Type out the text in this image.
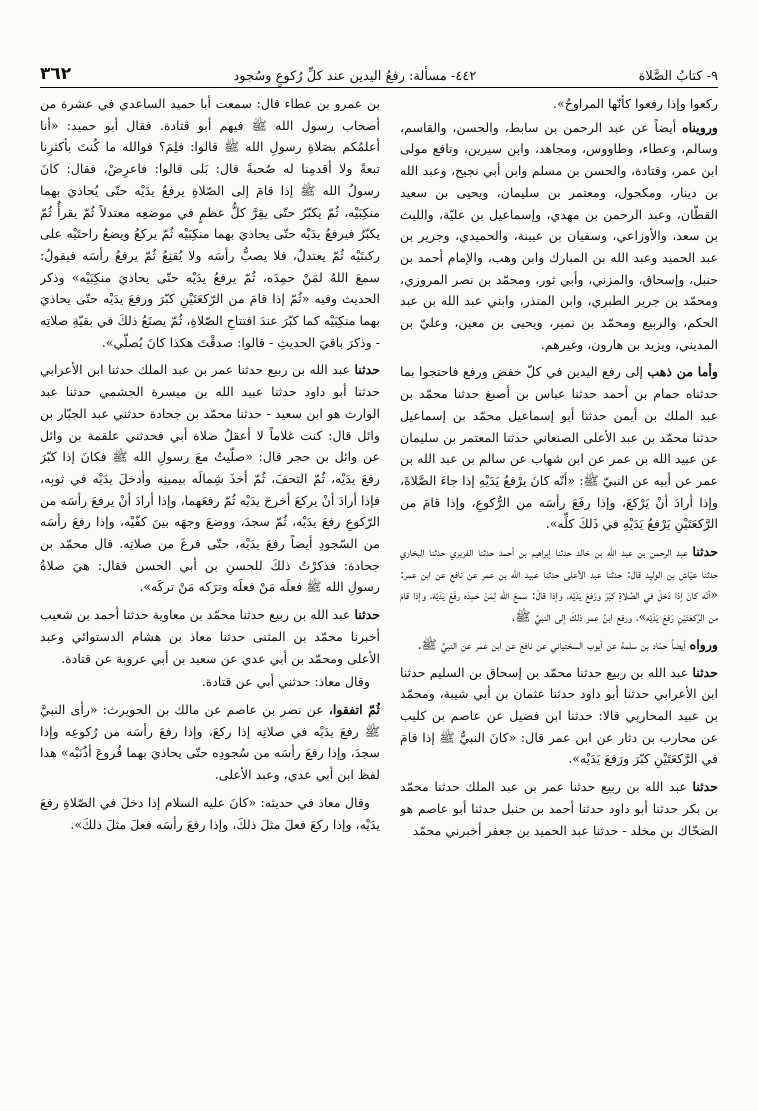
٩- كتابُ الصَّلاة
٤٤٢- مسألة: رفعُ اليدين عند كلِّ رُكوعٍ وسُجود
٣٦٢

ركعوا وإذا رفعوا كأنّها المراوحُ».

ورويناه أيضاً عن عبد الرحمن بن سابط، والحسن، والقاسم، وسالم، وعطاء، وطاووس، ومجاهد، وابن سيرين، ونافع مولى ابن عمر، وقتادة، والحسن بن مسلم وابن أبي نجيح، وعبد الله بن دينار، ومكحول، ومعتمر بن سليمان، ويحيى بن سعيد القطّان، وعبد الرحمن بن مهدي، وإسماعيل بن عليّة، والليث بن سعد، والأوزاعي، وسفيان بن عيينة، والحميدي، وجرير بن عبد الحميد وعبد الله بن المبارك وابن وهب، والإمام أحمد بن حنبل، وإسحاق، والمزني، وأبي ثور، ومحمّد بن نصر المروزي، ومحمّد بن جرير الطبري، وابن المنذر، وابني عبد الله بن عبد الحكم، والربيع ومحمّد بن نمير، ويحيى بن معين، وعليّ بن المديني، ويزيد بن هارون، وغيرهم.

وأما من ذهب إلى رفع اليدين في كلّ خفض ورفع فاحتجوا بما حدثناه حمام بن أحمد حدثنا عباس بن أصبغ حدثنا محمّد بن عبد الملك بن أيمن حدثنا أبو إسماعيل محمّد بن إسماعيل حدثنا محمّد بن عبد الأعلى الصنعاني حدثنا المعتمر بن سليمان عن عبيد الله بن عمر عن ابن شهاب عن سالم بن عبد الله بن عمر عن أبيه عن النبيّ ﷺ: «أنّه كانَ يرْفعُ يَدَيْهِ إذا جاءَ الصَّلاةَ، وإذا أرادَ أنْ يَرْكعَ، وإذا رفَعَ رأسَه من الرُّكوعِ، وإذا قامَ من الرَّكعَتَيْنِ يَرْفعُ يَدَيْهِ في ذَلكَ كلِّه».

حدثنا عبد الرحمن بن عبد الله بن خالد حدثنا إبراهيم بن أحمد حدثنا الفربري حدثنا البخاري حدثنا عيّاش بن الوليد قال: حدثنا عبد الأعلى حدثنا عبيد الله بن عمر عن نافع عن ابن عمر: «أنّه كانَ إذا دَخلَ في الصَّلاةِ كبّرَ ورَفعَ يَدَيْه، وإذا قالَ: سمعَ الله لِمَنْ حَمِدَه رفَعَ يَدَيْه، وإذا قامَ من الرَّكعَتَيْنِ رَفعَ يَدَيْه»، ورفع ابنُ عمر ذلكَ إلى النبيِّ ﷺ.

ورواه أيضاً حمّاد بن سلمة عن أيوب السختياني عن نافع عن ابن عمر عن النبيِّ ﷺ.

حدثنا عبد الله بن ربيع حدثنا محمّد بن إسحاق بن السليم حدثنا ابن الأعرابي حدثنا أبو داود حدثنا عثمان بن أبي شيبة، ومحمّد بن عبيد المحاربي قالا: حدثنا ابن فضيل عن عاصم بن كليب عن محارب بن دثار عن ابن عمر قال: «كانَ النبيُّ ﷺ إذا قامَ في الرَّكعَتَيْنِ كبّرَ ورَفعَ يَدَيْه».

حدثنا عبد الله بن ربيع حدثنا عمر بن عبد الملك حدثنا محمّد بن بكر حدثنا أبو داود حدثنا أحمد بن حنبل حدثنا أبو عاصم هو الضحّاك بن مخلد - حدثنا عبد الحميد بن جعفر أخبرني محمّد

بن عمرو بن عطاء قال: سمعت أبا حميد الساعدي في عشرة من أصحاب رسول الله ﷺ فيهم أبو قتادة. فقال أبو حميد: «أنا أعلمُكم بصَلاةِ رسولِ الله ﷺ قالوا: فلِمَ؟ فوالله ما كُنتَ بأكثرِنا تبعةً ولا أقدمِنا له صُحبةً قال: بَلى قالوا: فاعرِضْ، فقال: كانَ رسولُ الله ﷺ إذا قامَ إلى الصّلاةِ يرفعُ يدَيْه حتّى يُحاذيَ بهما منكِبَيْه، ثُمّ يكبّرُ حتّى يقِرَّ كلُّ عظمٍ في موضعِه معتدلاً ثُمّ يقرأُ ثُمّ يكبّرُ فيرفعُ يدَيْه حتّى يحاذيَ بهما منكِبَيْه ثُمّ يركعُ ويضعُ راحتَيْه على ركبتَيْه ثُمّ يعتدلُ، فلا يصبُّ رأسَه ولا يُقنِعُ ثُمّ يرفعُ رأسَه فيقولُ: سمعَ اللهُ لمَنْ حمِدَه، ثُمّ يرفعُ يدَيْه حتّى يحاذيَ منكِبَيْه» وذكر الحديث وفيه «ثُمّ إذا قامَ من الرّكعَتَيْنِ كبّرَ ورفعَ يدَيْه حتّى يحاذيَ بهما منكِبَيْه كما كبّرَ عندَ افتتاحِ الصّلاةِ، ثُمّ يصنَعُ ذلكَ في بقيّةِ صلاتِه - وذكرَ باقيَ الحديثِ - قالوا: صدقْتَ هكذا كانَ يُصلّي».

حدثنا عبد الله بن ربيع حدثنا عمر بن عبد الملك حدثنا ابن الأعرابي حدثنا أبو داود حدثنا عبيد الله بن ميسرة الجشمي حدثنا عبد الوارث هو ابن سعيد - حدثنا محمّد بن جحادة حدثني عبد الجبّار بن وائل قال: كنت غلاماً لا أعقلُ صلاة أبي فحدثني علقمة بن وائل عن وائل بن حجر قال: «صلّيتُ معَ رسولِ الله ﷺ فكانَ إذا كبّرَ رفعَ يدَيْه، ثُمّ التحفَ، ثُمّ أخذَ شِمالَه بيمينِه وأدخلَ يدَيْه في ثوبِه، فإذا أرادَ أنْ يركعَ أخرجَ يدَيْه ثُمّ رفعَهما، وإذا أرادَ أنْ يرفعَ رأسَه من الرّكوعِ رفعَ يدَيْه، ثُمّ سجدَ، ووضعَ وجهَه بينَ كفّيْه، وإذا رفعَ رأسَه من السّجودِ أيضاً رفعَ يدَيْه، حتّى فرغَ من صلاتِه. قال محمّد بن جحادة: فذكرْتُ ذلكَ للحسنِ بن أبي الحسن فقال: هيَ صلاةُ رسولِ الله ﷺ فعلَه مَنْ فعلَه وترَكه مَنْ تركَه».

حدثنا عبد الله بن ربيع حدثنا محمّد بن معاوية حدثنا أحمد بن شعيب أخبرنا محمّد بن المثنى حدثنا معاذ بن هشام الدستوائي وعبد الأعلى ومحمّد بن أبي عدي عن سعيد بن أبي عروبة عن قتادة.

وقال معاذ: حدثني أبي عن قتادة.

ثُمّ اتفقوا، عن نصر بن عاصم عن مالك بن الحويرث: «رأى النبيَّ ﷺ رفعَ يدَيْه في صلاتِه إذا ركعَ، وإذا رفعَ رأسَه من رُكوعِه وإذا سجدَ، وإذا رفعَ رأسَه من سُجودِه حتّى يحاذيَ بهما فُروعَ أذُنَيْه» هذا لفظ ابن أبي عدي، وعبد الأعلى.

وقال معاذ في حديثه: «كانَ عليه السلام إذا دخلَ في الصّلاةِ رفعَ يدَيْه، وإذا ركعَ فعلَ مثلَ ذلكَ، وإذا رفعَ رأسَه فعلَ مثلَ ذلكَ».
